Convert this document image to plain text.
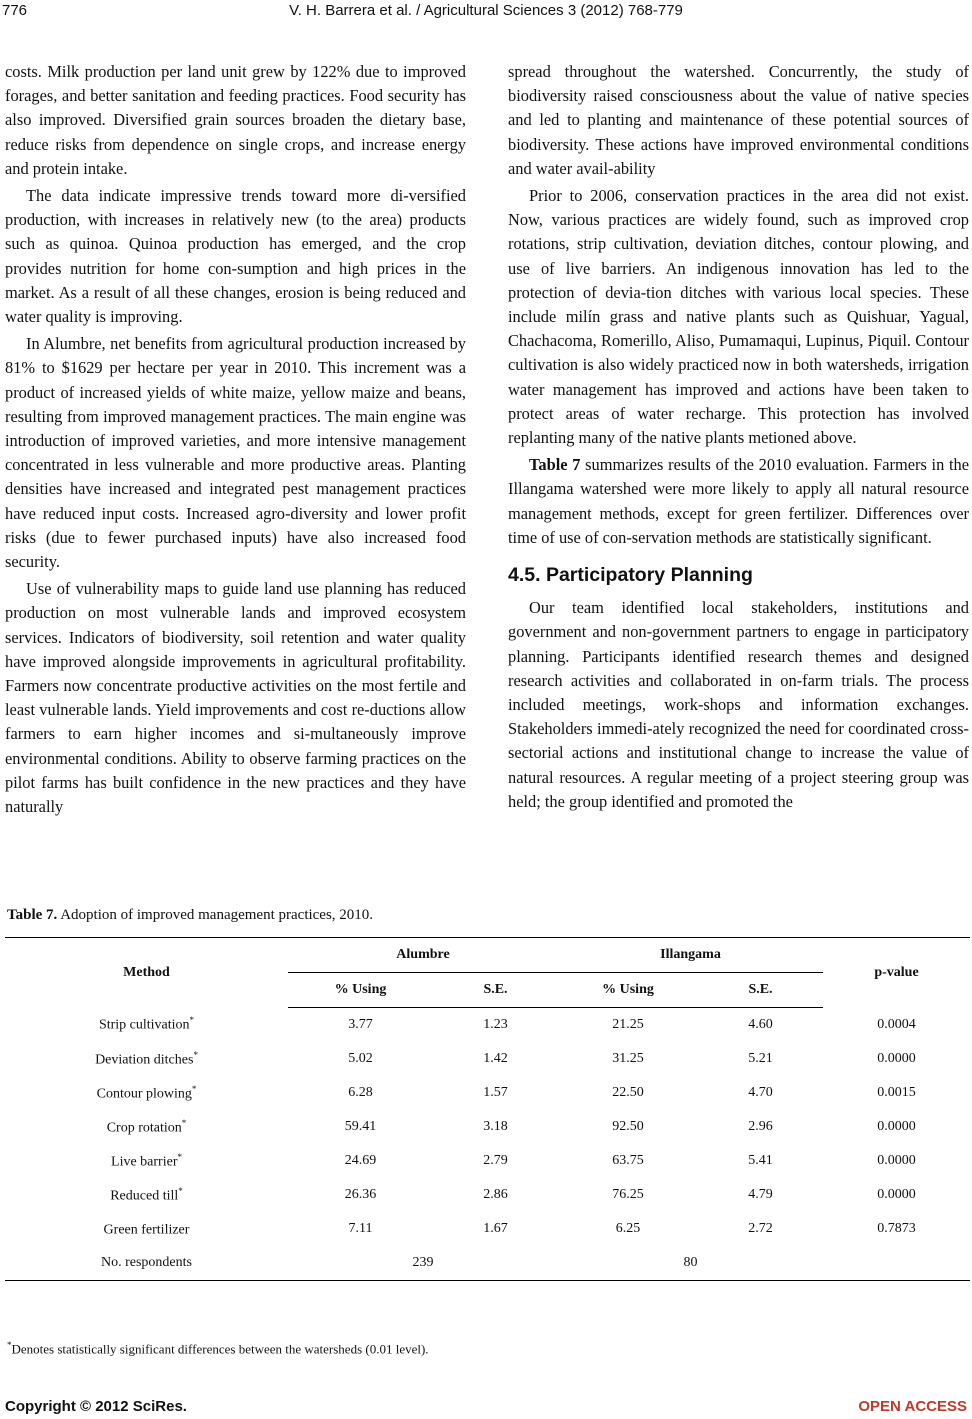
776	V. H. Barrera et al. / Agricultural Sciences 3 (2012) 768-779

costs. Milk production per land unit grew by 122% due to improved forages, and better sanitation and feeding practices. Food security has also improved. Diversified grain sources broaden the dietary base, reduce risks from dependence on single crops, and increase energy and protein intake.

The data indicate impressive trends toward more di-versified production, with increases in relatively new (to the area) products such as quinoa. Quinoa production has emerged, and the crop provides nutrition for home con-sumption and high prices in the market. As a result of all these changes, erosion is being reduced and water quality is improving.

In Alumbre, net benefits from agricultural production increased by 81% to $1629 per hectare per year in 2010. This increment was a product of increased yields of white maize, yellow maize and beans, resulting from improved management practices. The main engine was introduction of improved varieties, and more intensive management concentrated in less vulnerable and more productive areas. Planting densities have increased and integrated pest management practices have reduced input costs. Increased agro-diversity and lower profit risks (due to fewer purchased inputs) have also increased food security.

Use of vulnerability maps to guide land use planning has reduced production on most vulnerable lands and improved ecosystem services. Indicators of biodiversity, soil retention and water quality have improved alongside improvements in agricultural profitability. Farmers now concentrate productive activities on the most fertile and least vulnerable lands. Yield improvements and cost re-ductions allow farmers to earn higher incomes and si-multaneously improve environmental conditions. Ability to observe farming practices on the pilot farms has built confidence in the new practices and they have naturally

spread throughout the watershed. Concurrently, the study of biodiversity raised consciousness about the value of native species and led to planting and maintenance of these potential sources of biodiversity. These actions have improved environmental conditions and water avail-ability

Prior to 2006, conservation practices in the area did not exist. Now, various practices are widely found, such as improved crop rotations, strip cultivation, deviation ditches, contour plowing, and use of live barriers. An indigenous innovation has led to the protection of devia-tion ditches with various local species. These include milín grass and native plants such as Quishuar, Yagual, Chachacoma, Romerillo, Aliso, Pumamaqui, Lupinus, Piquil. Contour cultivation is also widely practiced now in both watersheds, irrigation water management has improved and actions have been taken to protect areas of water recharge. This protection has involved replanting many of the native plants metioned above.

Table 7 summarizes results of the 2010 evaluation. Farmers in the Illangama watershed were more likely to apply all natural resource management methods, except for green fertilizer. Differences over time of use of con-servation methods are statistically significant.

4.5. Participatory Planning

Our team identified local stakeholders, institutions and government and non-government partners to engage in participatory planning. Participants identified research themes and designed research activities and collaborated in on-farm trials. The process included meetings, work-shops and information exchanges. Stakeholders immedi-ately recognized the need for coordinated cross-sectorial actions and institutional change to increase the value of natural resources. A regular meeting of a project steering group was held; the group identified and promoted the

Table 7. Adoption of improved management practices, 2010.
Method	Alumbre		Illangama		p-value
	% Using	S.E.	% Using	S.E.	
Strip cultivation*	3.77	1.23	21.25	4.60	0.0004
Deviation ditches*	5.02	1.42	31.25	5.21	0.0000
Contour plowing*	6.28	1.57	22.50	4.70	0.0015
Crop rotation*	59.41	3.18	92.50	2.96	0.0000
Live barrier*	24.69	2.79	63.75	5.41	0.0000
Reduced till*	26.36	2.86	76.25	4.79	0.0000
Green fertilizer	7.11	1.67	6.25	2.72	0.7873
No. respondents	239		80		
*Denotes statistically significant differences between the watersheds (0.01 level).
Copyright © 2012 SciRes.	OPEN ACCESS
